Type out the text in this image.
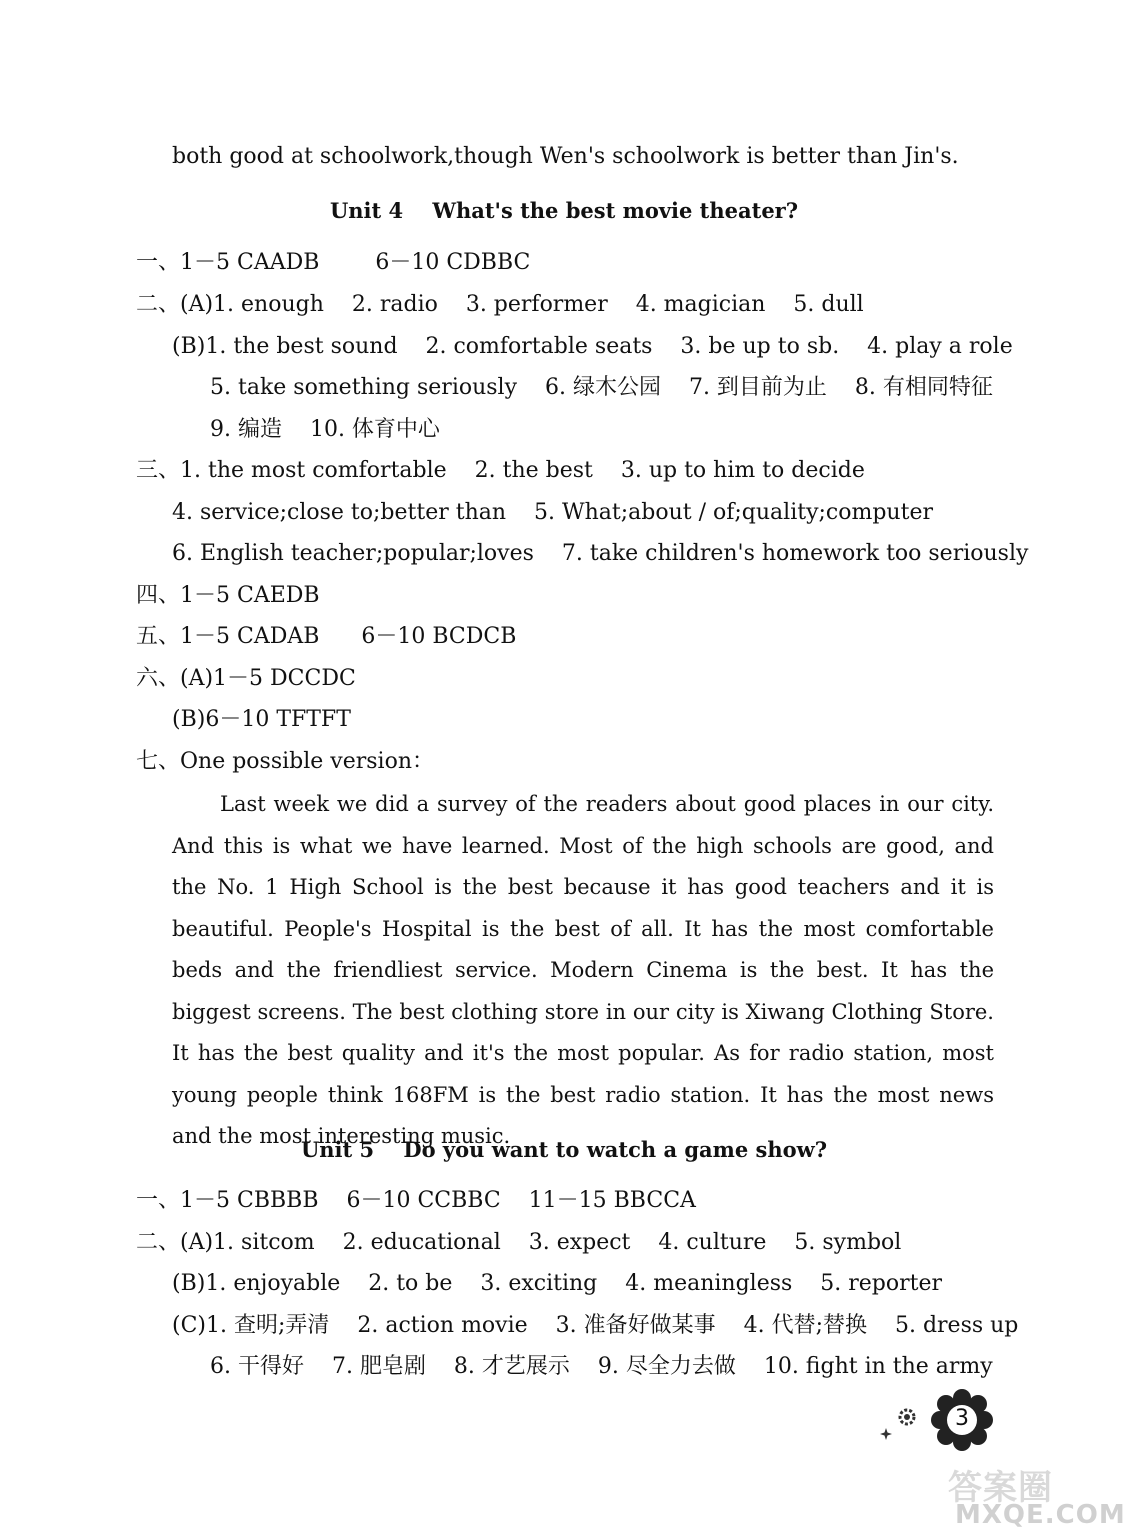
both good at schoolwork,though Wen's schoolwork is better than Jin's.
Unit 4    What's the best movie theater?
一、1－5 CAADB        6－10 CDBBC
二、(A)1. enough    2. radio    3. performer    4. magician    5. dull
(B)1. the best sound    2. comfortable seats    3. be up to sb.    4. play a role
5. take something seriously    6. 绿木公园    7. 到目前为止    8. 有相同特征
9. 编造    10. 体育中心
三、1. the most comfortable    2. the best    3. up to him to decide
4. service;close to;better than    5. What;about / of;quality;computer
6. English teacher;popular;loves    7. take children's homework too seriously
四、1－5 CAEDB
五、1－5 CADAB      6－10 BCDCB
六、(A)1－5 DCCDC
(B)6－10 TFTFT
七、One possible version：
Last week we did a survey of the readers about good places in our city. And this is what we have learned. Most of the high schools are good, and the No. 1 High School is the best because it has good teachers and it is beautiful. People's Hospital is the best of all. It has the most comfortable beds and the friendliest service. Modern Cinema is the best. It has the biggest screens. The best clothing store in our city is Xiwang Clothing Store. It has the best quality and it's the most popular. As for radio station, most young people think 168FM is the best radio station. It has the most news and the most interesting music.
Unit 5    Do you want to watch a game show?
一、1－5 CBBBB    6－10 CCBBC    11－15 BBCCA
二、(A)1. sitcom    2. educational    3. expect    4. culture    5. symbol
(B)1. enjoyable    2. to be    3. exciting    4. meaningless    5. reporter
(C)1. 查明;弄清    2. action movie    3. 准备好做某事    4. 代替;替换    5. dress up
6. 干得好    7. 肥皂剧    8. 才艺展示    9. 尽全力去做    10. fight in the army
3
答案圈
MXQE.COM
